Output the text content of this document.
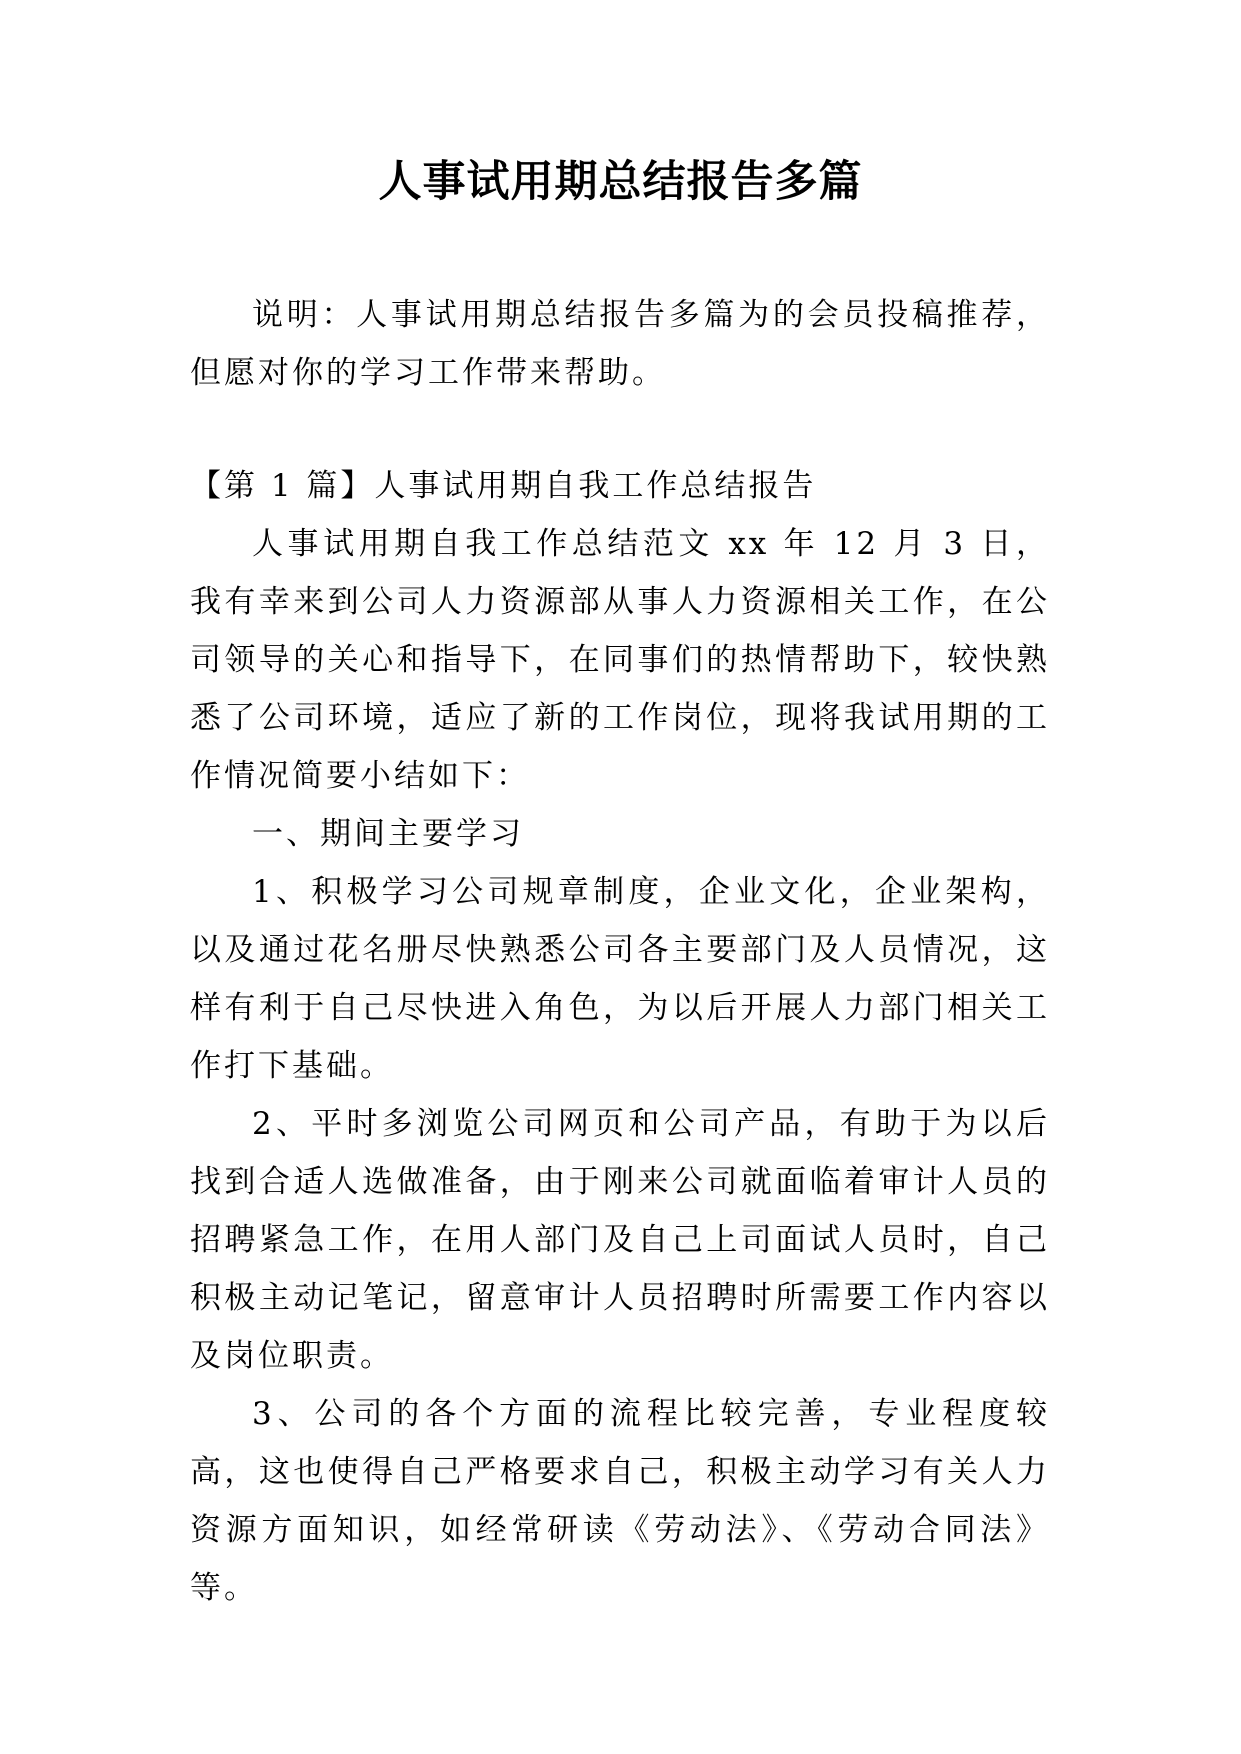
人事试用期总结报告多篇

说明：人事试用期总结报告多篇为的会员投稿推荐，但愿对你的学习工作带来帮助。

【第 1 篇】人事试用期自我工作总结报告

人事试用期自我工作总结范文 xx 年 12 月 3 日，我有幸来到公司人力资源部从事人力资源相关工作，在公司领导的关心和指导下，在同事们的热情帮助下，较快熟悉了公司环境，适应了新的工作岗位，现将我试用期的工作情况简要小结如下：

一、期间主要学习

1、积极学习公司规章制度，企业文化，企业架构，以及通过花名册尽快熟悉公司各主要部门及人员情况，这样有利于自己尽快进入角色，为以后开展人力部门相关工作打下基础。

2、平时多浏览公司网页和公司产品，有助于为以后找到合适人选做准备，由于刚来公司就面临着审计人员的招聘紧急工作，在用人部门及自己上司面试人员时，自己积极主动记笔记，留意审计人员招聘时所需要工作内容以及岗位职责。

3、公司的各个方面的流程比较完善，专业程度较高，这也使得自己严格要求自己，积极主动学习有关人力资源方面知识，如经常研读《劳动法》、《劳动合同法》等。
